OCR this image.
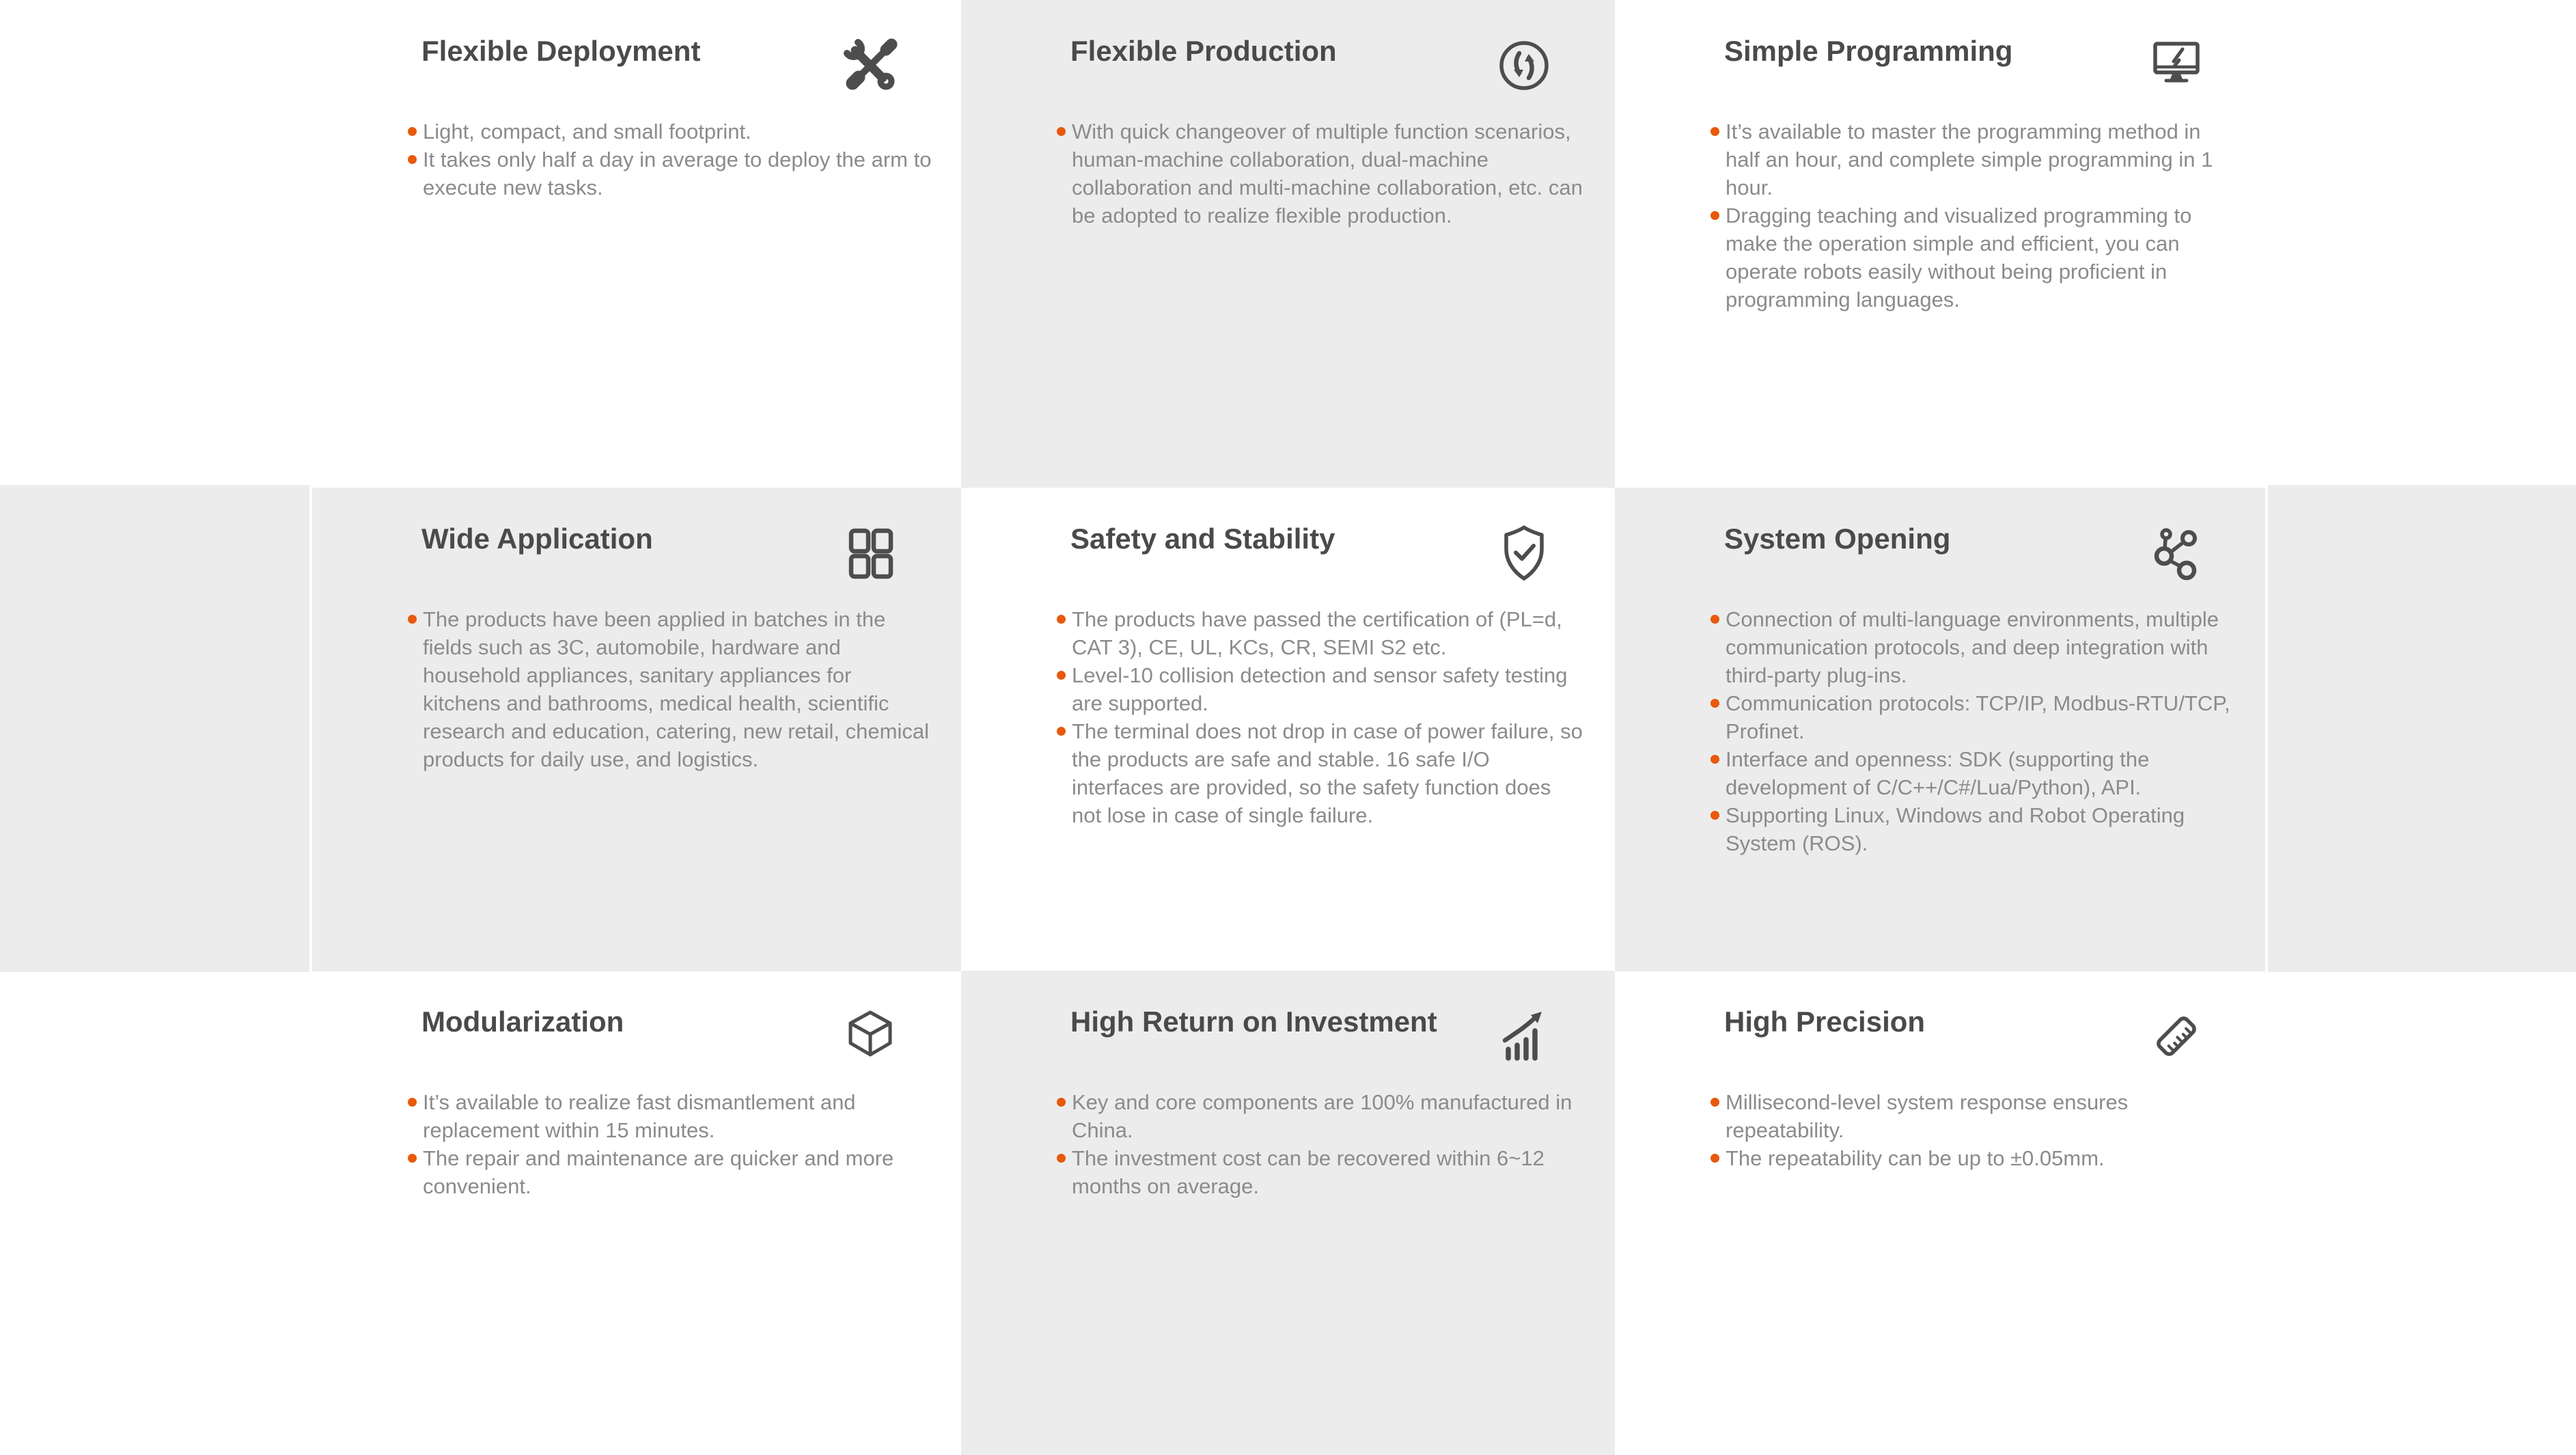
Flexible Deployment
Light, compact, and small footprint.
It takes only half a day in average to deploy the arm to execute new tasks.
Flexible Production
With quick changeover of multiple function scenarios, human-machine collaboration, dual-machine collaboration and multi-machine collaboration, etc. can be adopted to realize flexible production.
Simple Programming
It’s available to master the programming method in half an hour, and complete simple programming in 1 hour.
Dragging teaching and visualized programming to make the operation simple and efficient, you can operate robots easily without being proficient in programming languages.
Wide Application
The products have been applied in batches in the fields such as 3C, automobile, hardware and household appliances, sanitary appliances for kitchens and bathrooms, medical health, scientific research and education, catering, new retail, chemical products for daily use, and logistics.
Safety and Stability
The products have passed the certification of (PL=d, CAT 3), CE, UL, KCs, CR, SEMI S2 etc.
Level-10 collision detection and sensor safety testing are supported.
The terminal does not drop in case of power failure, so the products are safe and stable. 16 safe I/O interfaces are provided, so the safety function does not lose in case of single failure.
System Opening
Connection of multi-language environments, multiple communication protocols, and deep integration with third-party plug-ins.
Communication protocols: TCP/IP, Modbus-RTU/TCP, Profinet.
Interface and openness: SDK (supporting the development of C/C++/C#/Lua/Python), API.
Supporting Linux, Windows and Robot Operating System (ROS).
Modularization
It’s available to realize fast dismantlement and replacement within 15 minutes.
The repair and maintenance are quicker and more convenient.
High Return on Investment
Key and core components are 100% manufactured in China.
The investment cost can be recovered within 6~12 months on average.
High Precision
Millisecond-level system response ensures repeatability.
The repeatability can be up to ±0.05mm.
